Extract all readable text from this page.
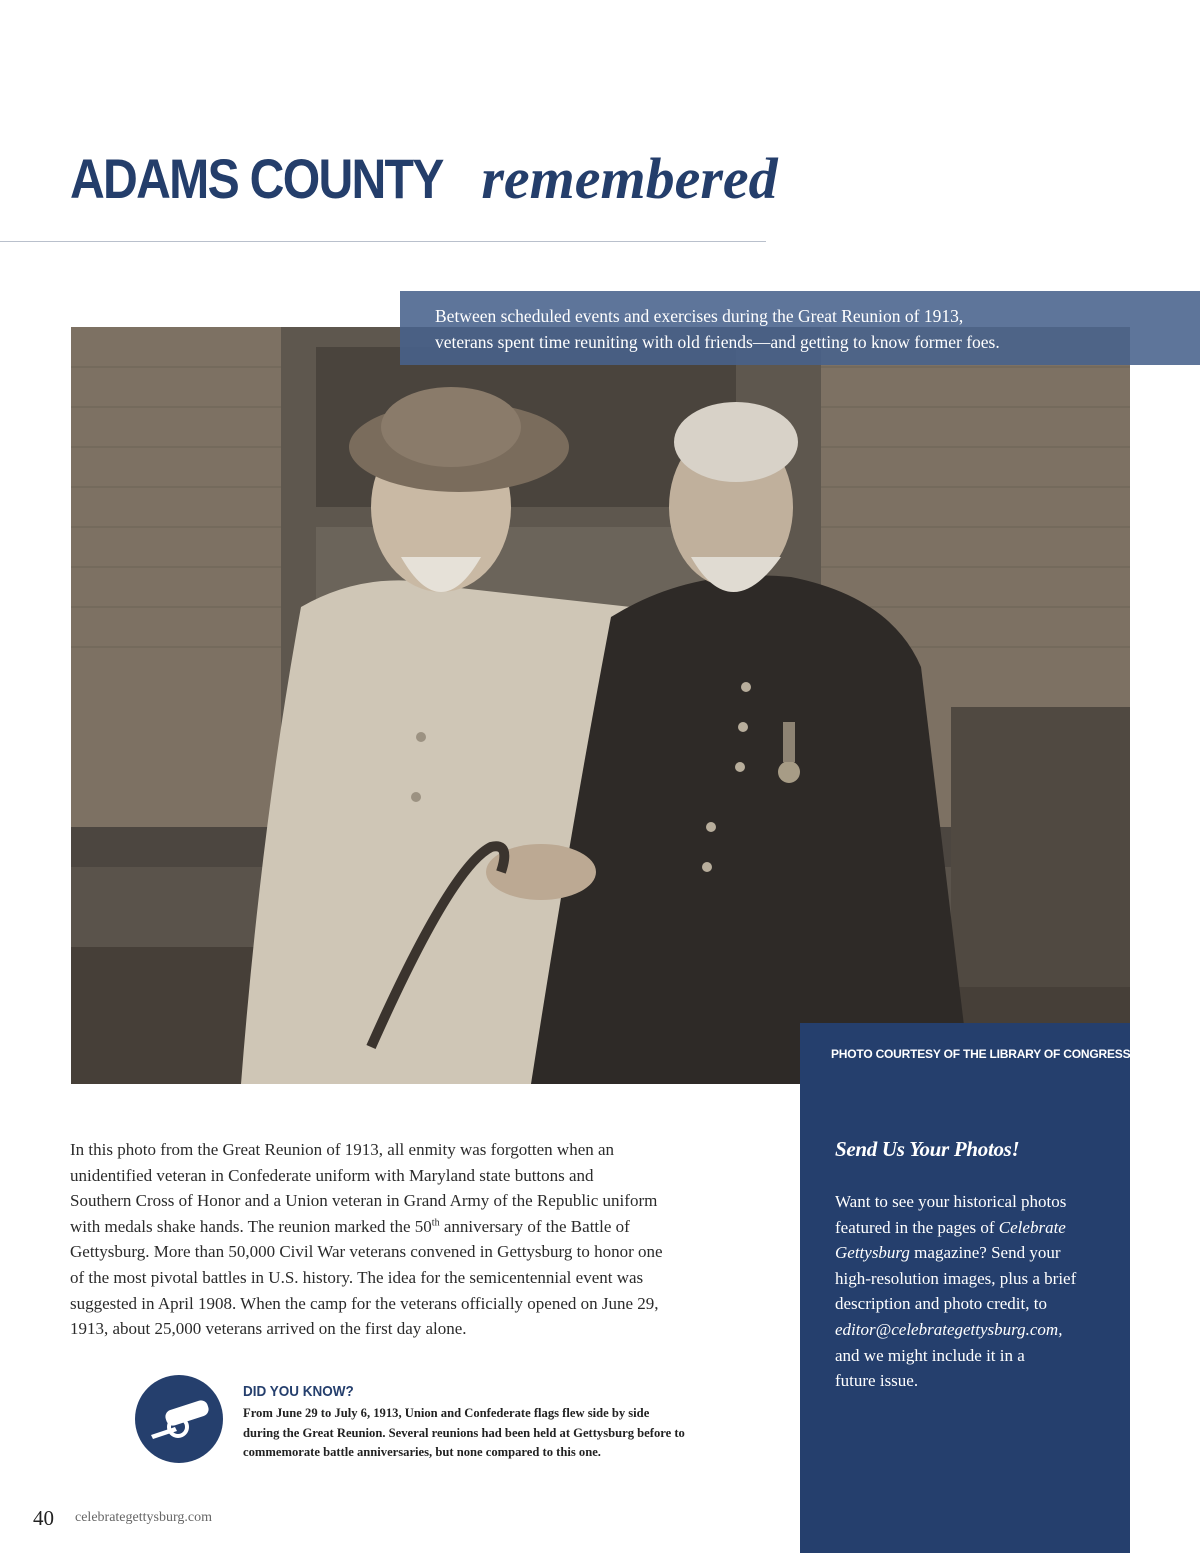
ADAMS COUNTY remembered

Between scheduled events and exercises during the Great Reunion of 1913,
veterans spent time reuniting with old friends—and getting to know former foes.

PHOTO COURTESY OF THE LIBRARY OF CONGRESS

Send Us Your Photos!

Want to see your historical photos
featured in the pages of Celebrate
Gettysburg magazine? Send your
high-resolution images, plus a brief
description and photo credit, to
editor@celebrategettysburg.com,
and we might include it in a
future issue.

In this photo from the Great Reunion of 1913, all enmity was forgotten when an
unidentified veteran in Confederate uniform with Maryland state buttons and
Southern Cross of Honor and a Union veteran in Grand Army of the Republic uniform
with medals shake hands. The reunion marked the 50th anniversary of the Battle of
Gettysburg. More than 50,000 Civil War veterans convened in Gettysburg to honor one
of the most pivotal battles in U.S. history. The idea for the semicentennial event was
suggested in April 1908. When the camp for the veterans officially opened on June 29,
1913, about 25,000 veterans arrived on the first day alone.

DID YOU KNOW?

From June 29 to July 6, 1913, Union and Confederate flags flew side by side
during the Great Reunion. Several reunions had been held at Gettysburg before to
commemorate battle anniversaries, but none compared to this one.

40 celebrategettysburg.com
